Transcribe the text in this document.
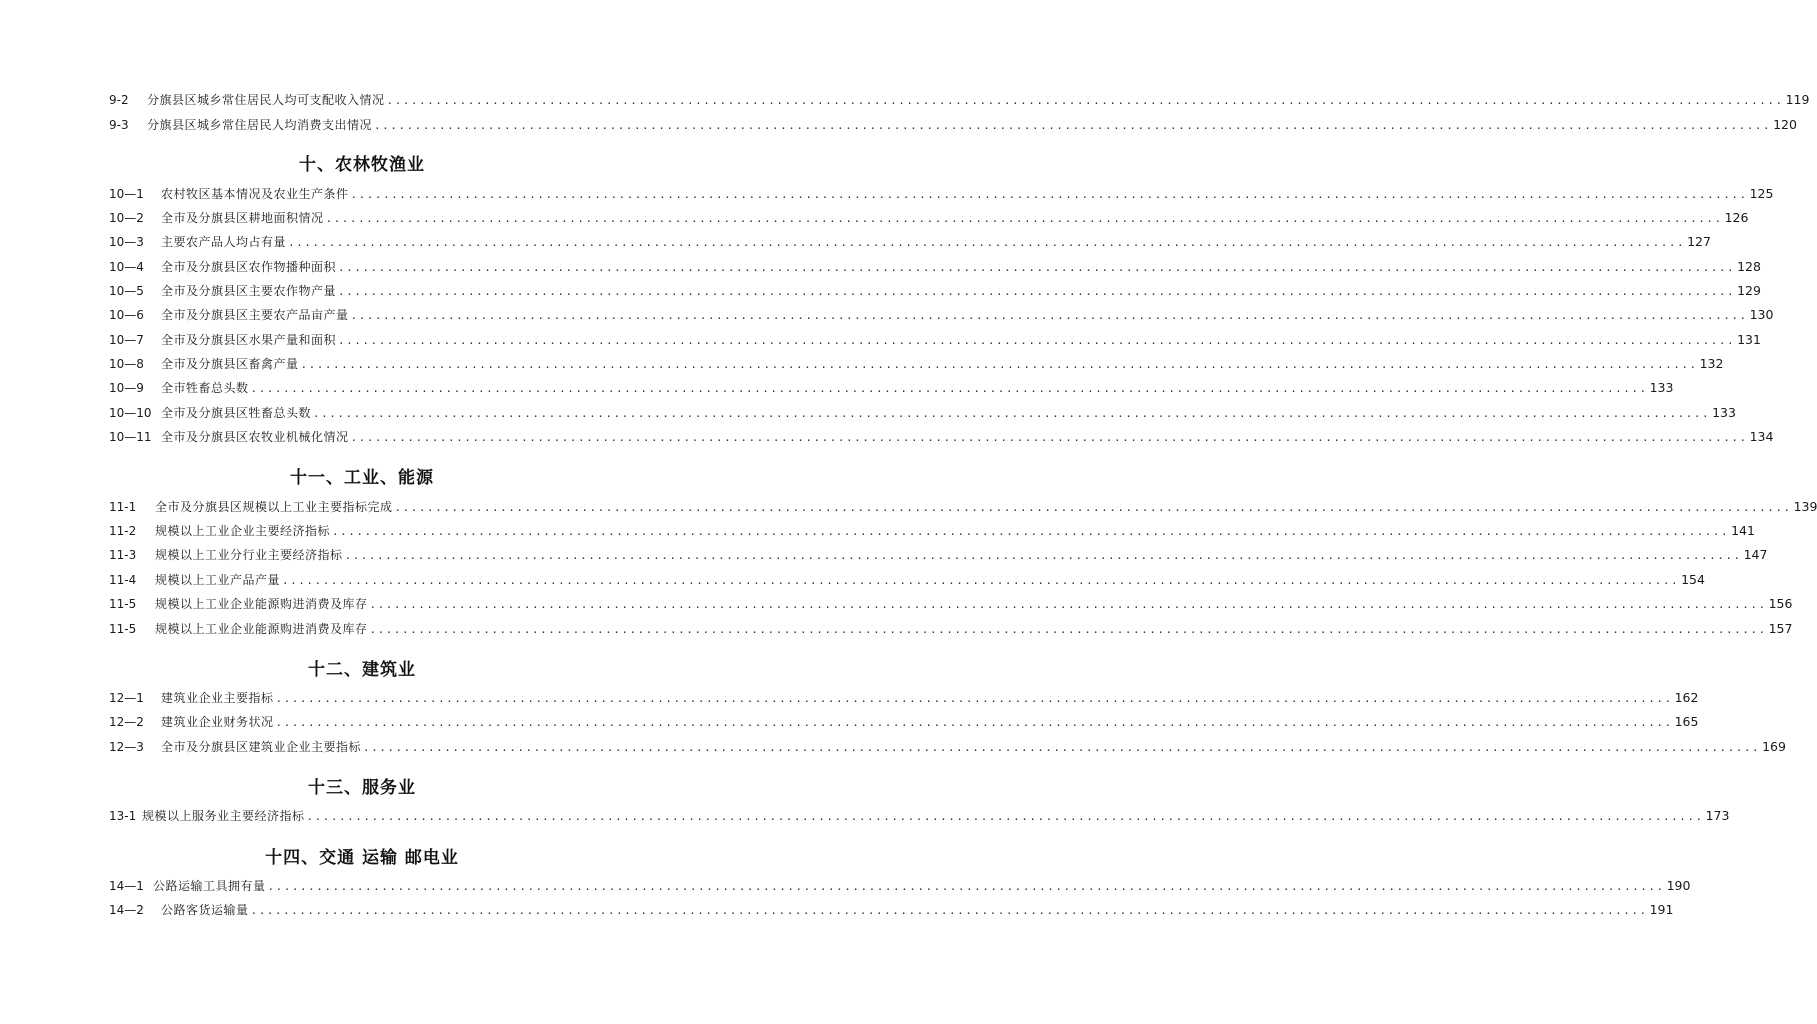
9-2	分旗县区城乡常住居民人均可支配收入情况 ............................................................................................................................................................................ 119
9-3	分旗县区城乡常住居民人均消费支出情况 ............................................................................................................................................................................ 120
十、农林牧渔业
10—1	农村牧区基本情况及农业生产条件 ............................................................................................................................................................................ 125
10—2	全市及分旗县区耕地面积情况 ............................................................................................................................................................................ 126
10—3	主要农产品人均占有量 ............................................................................................................................................................................ 127
10—4	全市及分旗县区农作物播种面积 ............................................................................................................................................................................ 128
10—5	全市及分旗县区主要农作物产量 ............................................................................................................................................................................ 129
10—6	全市及分旗县区主要农产品亩产量 ............................................................................................................................................................................ 130
10—7	全市及分旗县区水果产量和面积 ............................................................................................................................................................................ 131
10—8	全市及分旗县区畜禽产量 ............................................................................................................................................................................ 132
10—9	全市牲畜总头数 ............................................................................................................................................................................ 133
10—10 全市及分旗县区牲畜总头数 ............................................................................................................................................................................ 133
10—11 全市及分旗县区农牧业机械化情况 ............................................................................................................................................................................ 134
十一、工业、能源
11-1	全市及分旗县区规模以上工业主要指标完成 ............................................................................................................................................................................ 139
11-2	规模以上工业企业主要经济指标 ............................................................................................................................................................................ 141
11-3	规模以上工业分行业主要经济指标 ............................................................................................................................................................................ 147
11-4	规模以上工业产品产量 ............................................................................................................................................................................ 154
11-5	规模以上工业企业能源购进消费及库存 ............................................................................................................................................................................ 156
11-5	规模以上工业企业能源购进消费及库存 ............................................................................................................................................................................ 157
十二、建筑业
12—1	建筑业企业主要指标 ............................................................................................................................................................................ 162
12—2	建筑业企业财务状况 ............................................................................................................................................................................ 165
12—3	全市及分旗县区建筑业企业主要指标 ............................................................................................................................................................................ 169
十三、服务业
13-1 规模以上服务业主要经济指标 ............................................................................................................................................................................ 173
十四、交通 运输 邮电业
14—1 公路运输工具拥有量 ............................................................................................................................................................................ 190
14—2	公路客货运输量 ............................................................................................................................................................................ 191
